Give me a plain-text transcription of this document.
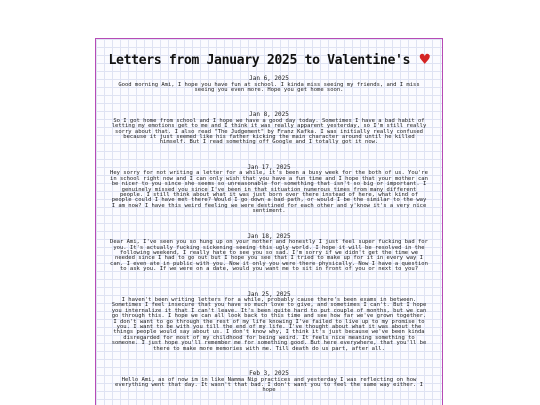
Letters from January 2025 to Valentine's ♥
Jan 6, 2025
Good morning Ami, I hope you have fun at school. I kinda miss seeing my friends, and I miss seeing you even more. Hope you get home soon.
Jan 8, 2025
So I got home from school and I hope we have a good day today. Sometimes I have a bad habit of letting my emotions get to me and I think it was really apparent yesterday, so I'm still really sorry about that. I also read "The Judgement" by Franz Kafka. I was initially really confused because it just seemed like his father kicking the main character around until he killed himself. But I read something off Google and I totally got it now.
Jan 17, 2025
Hey sorry for not writing a letter for a while, it's been a busy week for the both of us. You're in school right now and I can only wish that you have a fun time and I hope that your mother can be nicer to you since she seems so unreasonable for something that isn't so big or important. I genuinely missed you since I've been in that situation numerous times from many different people. I still think about what it was just born over there instead of here, what kind of people could I have met there? Would I go down a bad path, or would I be the similar to the way I am now? I have this weird feeling we were destined for each other and y'know it's a very nice sentiment.
Jan 18, 2025
Dear Ami, I've seen you so hung up on your mother and honestly I just feel super fucking bad for you. It's actually fucking sickening seeing this ugly world. I hope it will be resolved in the following weekend, I really hate to see you so sad. I'm sorry if we didn't get the time we needed since I had to go out but I hope you see that I tried to make up for it in every way I can. I even ate in public with you. Now it only you were there physically. Now I have a question to ask you. If we were on a date, would you want me to sit in front of you or next to you?
Jan 25, 2025
I haven't been writing letters for a while, probably cause there's been exams in between. Sometimes I feel insecure that you have so much love to give, and sometimes I can't. But I hope you internalize it that I can't leave. It's been quite hard to put couple of months, but we can go through this. I hope we can all look back to this time and see how far we've grown together. I don't want to go through the rest of my life knowing I've failed to live up to my promise to you. I want to be with you till the end of my life. I've thought about what it was about the things people would say about us. I don't know why, I think it's just because we've been kinda disregarded for most of my childhood for being weird. It feels nice meaning something to someone. I just hope you'll remember me for something good. But here everywhere, that you'll be there to make more memories with me. Till death do us part, after all.
Feb 3, 2025
Hello Ami, as of now im in like Namma Nip practices and yesterday I was reflecting on how everything went that day. It wasn't that bad. I don't want you to feel the same way either. I hope
